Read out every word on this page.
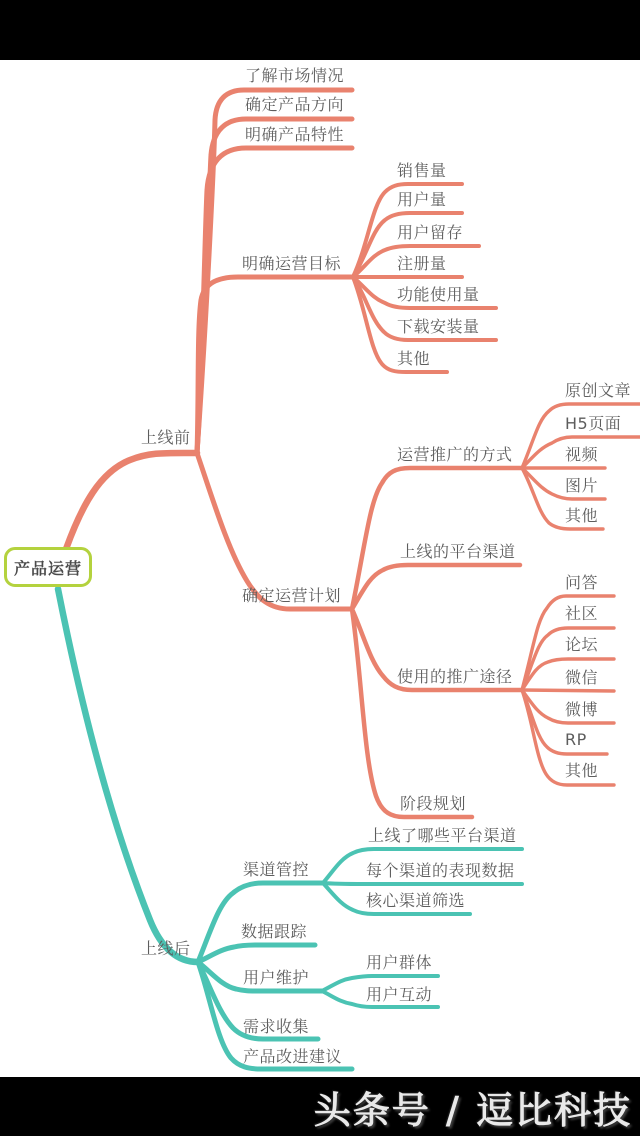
产品运营
上线前
了解市场情况
确定产品方向
明确产品特性
明确运营目标
销售量
用户量
用户留存
注册量
功能使用量
下载安装量
其他
确定运营计划
运营推广的方式
原创文章
H5页面
视频
图片
其他
上线的平台渠道
使用的推广途径
问答
社区
论坛
微信
微博
RP
其他
阶段规划
上线后
渠道管控
上线了哪些平台渠道
每个渠道的表现数据
核心渠道筛选
数据跟踪
用户维护
用户群体
用户互动
需求收集
产品改进建议
头条号 / 逗比科技
